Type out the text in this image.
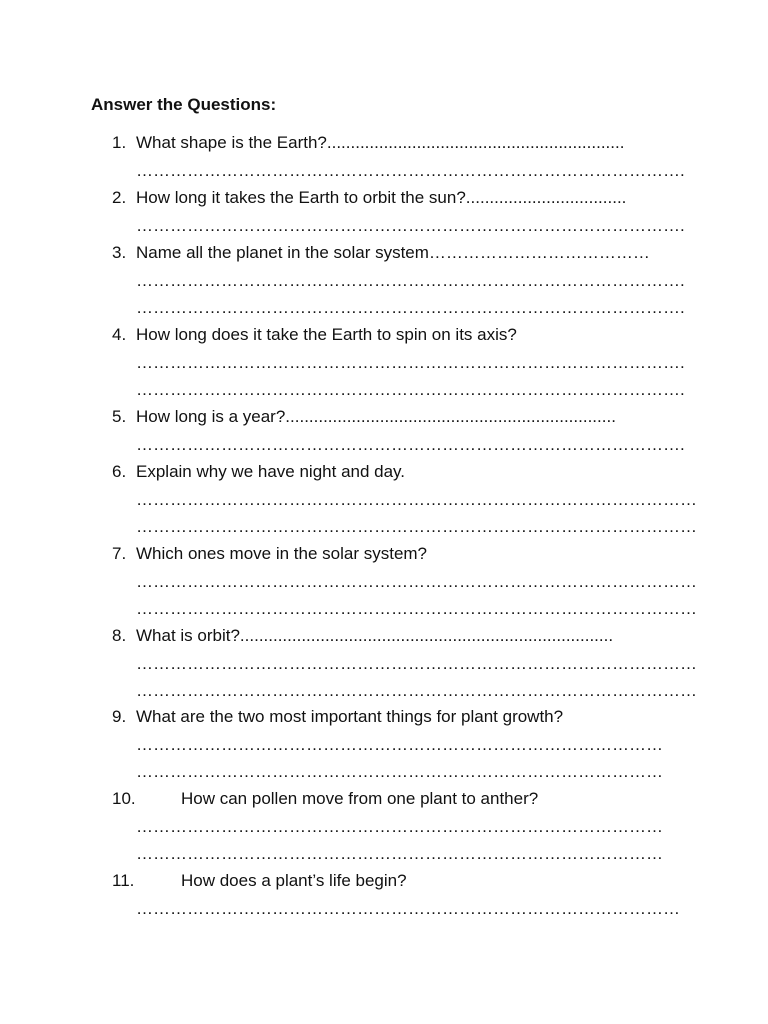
Answer the Questions:
1. What shape is the Earth?...............................................................
…………………………………………………………………………………….
2. How long it takes the Earth to orbit the sun?..................................
…………………………………………………………………………………….
3. Name all the planet in the solar system…………………………………
…………………………………………………………………………………….
…………………………………………………………………………………….
4. How long does it take the Earth to spin on its axis?
…………………………………………………………………………………….
…………………………………………………………………………………….
5. How long is a year?......................................................................
…………………………………………………………………………………….
6. Explain why we have night and day.
………………………………………………………………………………………
………………………………………………………………………………………
7. Which ones move in the solar system?
………………………………………………………………………………………
………………………………………………………………………………………
8. What is orbit?...............................................................................
………………………………………………………………………………………
………………………………………………………………………………………
9. What are the two most important things for plant growth?
…………………………………………………………………………………
…………………………………………………………………………………
10.	How can pollen move from one plant to anther?
…………………………………………………………………………………
…………………………………………………………………………………
11.	How does a plant’s life begin?
……………………………………………………………………………………
